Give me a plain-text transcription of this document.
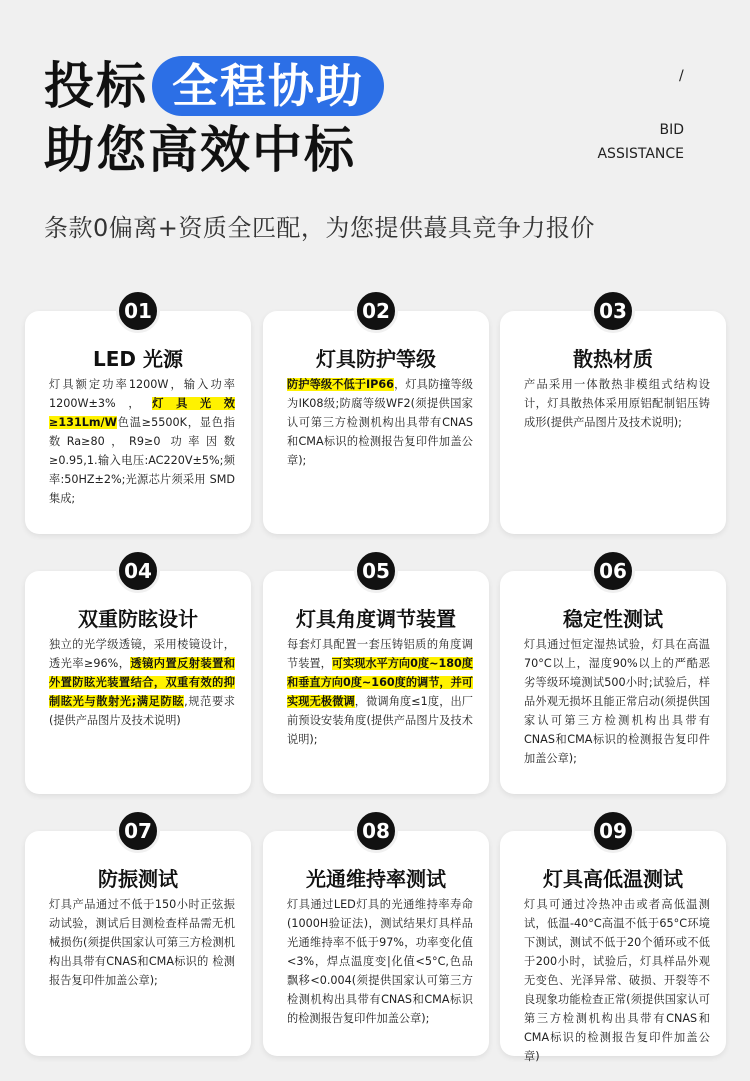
投标 全程协助
助您高效中标
/
BID
ASSISTANCE
条款0偏离+资质全匹配，为您提供蕞具竞争力报价
01
LED 光源
灯具额定功率1200W，输入功率1200W±3%，灯具光效≥131Lm/W色温≥5500K，显色指数Ra≥80，R9≥0 功率因数≥0.95,1.输入电压:AC220V±5%;频率:50HZ±2%;光源芯片须采用 SMD集成;
02
灯具防护等级
防护等级不低于IP66，灯具防撞等级为IK08级;防腐等级WF2(须提供国家认可第三方检测机构出具带有CNAS和CMA标识的检测报告复印件加盖公章);
03
散热材质
产品采用一体散热非模组式结构设计，灯具散热体采用原铝配制铝压铸成形(提供产品图片及技术说明);
04
双重防眩设计
独立的光学级透镜，采用棱镜设计，透光率≥96%，透镜内置反射装置和外置防眩光装置结合，双重有效的抑制眩光与散射光;满足防眩,规范要求(提供产品图片及技术说明)
05
灯具角度调节装置
每套灯具配置一套压铸铝质的角度调节装置，可实现水平方向0度~180度和垂直方向0度~160度的调节，并可实现无极微调，微调角度≤1度，出厂前预设安装角度(提供产品图片及技术说明);
06
稳定性测试
灯具通过恒定湿热试验，灯具在高温70°C以上，湿度90%以上的严酷恶劣等级环境测试500小时;试验后，样品外观无损坏且能正常启动(须提供国家认可第三方检测机构出具带有CNAS和CMA标识的检测报告复印件加盖公章);
07
防振测试
灯具产品通过不低于150小时正弦振动试验，测试后目测检查样品需无机械损伤(须提供国家认可第三方检测机构出具带有CNAS和CMA标识的 检测报告复印件加盖公章);
08
光通维持率测试
灯具通过LED灯具的光通维持率寿命(1000H验证法)，测试结果灯具样品光通维持率不低于97%，功率变化值<3%，焊点温度变|化值<5°C,色品飘移<0.004(须提供国家认可第三方检测机构出具带有CNAS和CMA标识的检测报告复印件加盖公章);
09
灯具高低温测试
灯具可通过冷热冲击或者高低温测试，低温-40°C高温不低于65°C环境下测试，测试不低于20个循环或不低于200小时，试验后，灯具样品外观无变色、光泽异常、破损、开裂等不良现象功能检查正常(须提供国家认可第三方检测机构出具带有CNAS和CMA标识的检测报告复印件加盖公章)
